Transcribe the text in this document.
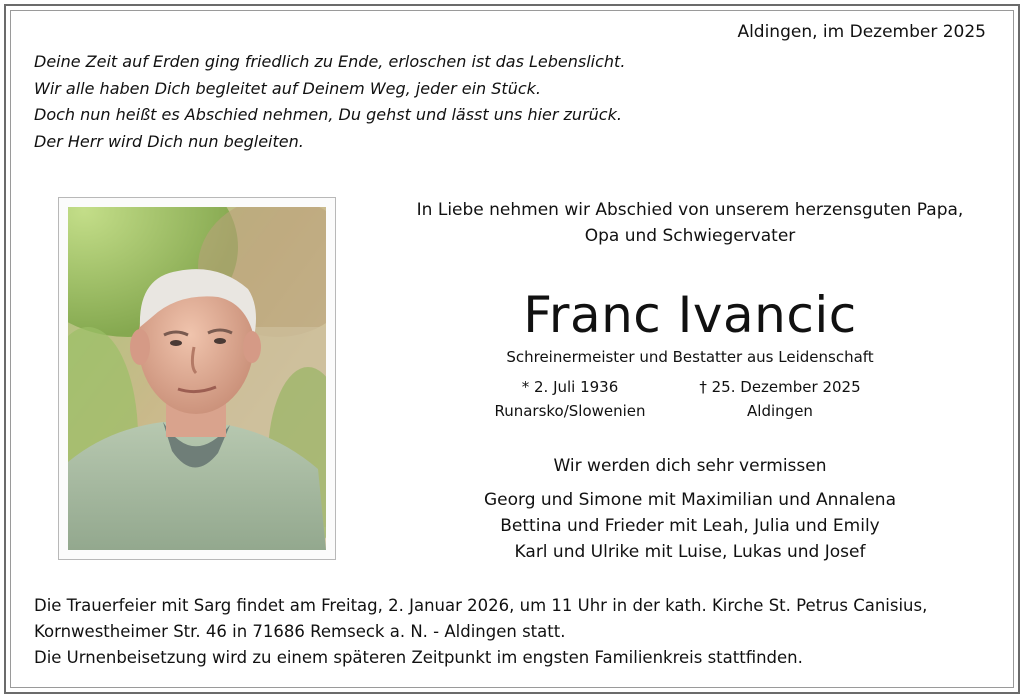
Aldingen, im Dezember 2025
Deine Zeit auf Erden ging friedlich zu Ende, erloschen ist das Lebenslicht.
Wir alle haben Dich begleitet auf Deinem Weg, jeder ein Stück.
Doch nun heißt es Abschied nehmen, Du gehst und lässt uns hier zurück.
Der Herr wird Dich nun begleiten.
In Liebe nehmen wir Abschied von unserem herzensguten Papa,
Opa und Schwiegervater
Franc Ivancic
Schreinermeister und Bestatter aus Leidenschaft
* 2. Juli 1936
Runarsko/Slowenien
† 25. Dezember 2025
Aldingen
Wir werden dich sehr vermissen
Georg und Simone mit Maximilian und Annalena
Bettina und Frieder mit Leah, Julia und Emily
Karl und Ulrike mit Luise, Lukas und Josef
Die Trauerfeier mit Sarg findet am Freitag, 2. Januar 2026, um 11 Uhr in der kath. Kirche St. Petrus Canisius,
Kornwestheimer Str. 46 in 71686 Remseck a. N. - Aldingen statt.
Die Urnenbeisetzung wird zu einem späteren Zeitpunkt im engsten Familienkreis stattfinden.
